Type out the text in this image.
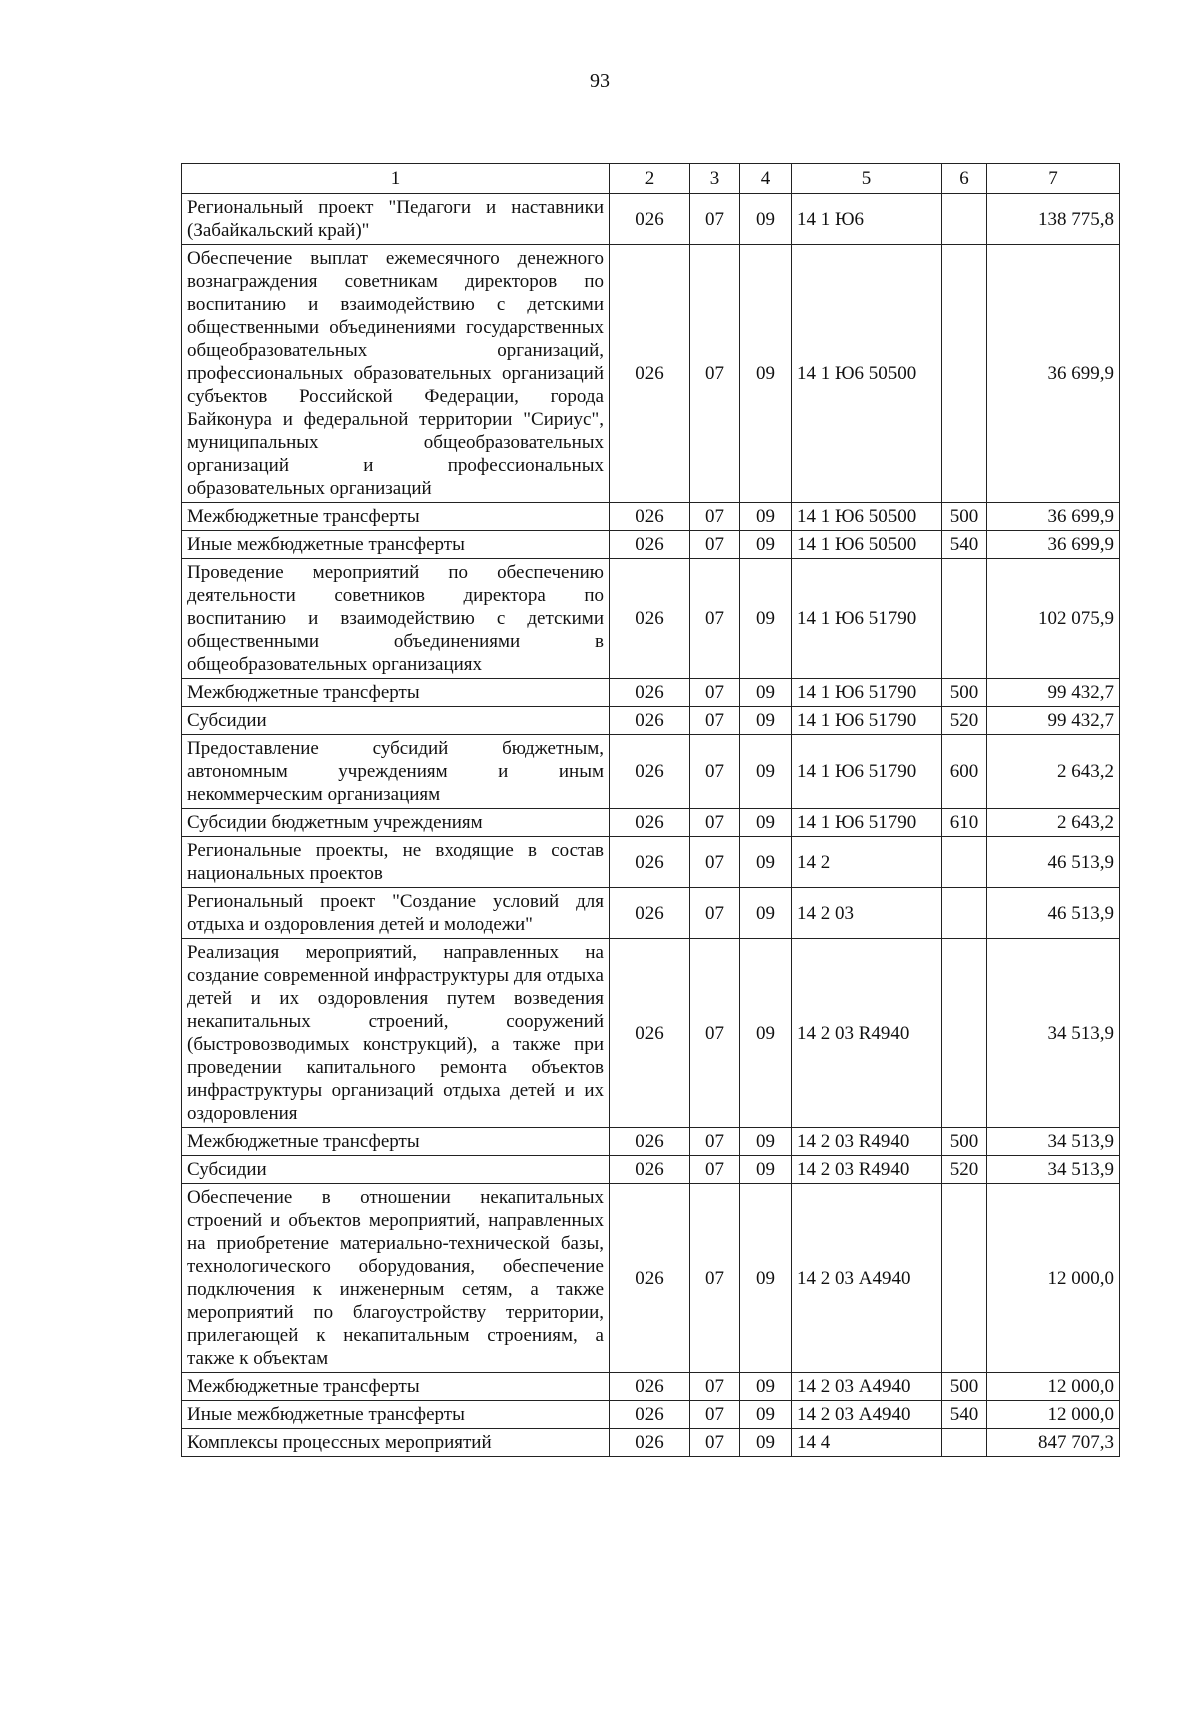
93
1	2	3	4	5	6	7
Региональный проект "Педагоги и наставники (Забайкальский край)"	026	07	09	14 1 Ю6		138 775,8
Обеспечение выплат ежемесячного денежного вознаграждения советникам директоров по воспитанию и взаимодействию с детскими общественными объединениями государственных общеобразовательных организаций, профессиональных образовательных организаций субъектов Российской Федерации, города Байконура и федеральной территории "Сириус", муниципальных общеобразовательных организаций и профессиональных образовательных организаций	026	07	09	14 1 Ю6 50500		36 699,9
Межбюджетные трансферты	026	07	09	14 1 Ю6 50500	500	36 699,9
Иные межбюджетные трансферты	026	07	09	14 1 Ю6 50500	540	36 699,9
Проведение мероприятий по обеспечению деятельности советников директора по воспитанию и взаимодействию с детскими общественными объединениями в общеобразовательных организациях	026	07	09	14 1 Ю6 51790		102 075,9
Межбюджетные трансферты	026	07	09	14 1 Ю6 51790	500	99 432,7
Субсидии	026	07	09	14 1 Ю6 51790	520	99 432,7
Предоставление субсидий бюджетным, автономным учреждениям и иным некоммерческим организациям	026	07	09	14 1 Ю6 51790	600	2 643,2
Субсидии бюджетным учреждениям	026	07	09	14 1 Ю6 51790	610	2 643,2
Региональные проекты, не входящие в состав национальных проектов	026	07	09	14 2		46 513,9
Региональный проект "Создание условий для отдыха и оздоровления детей и молодежи"	026	07	09	14 2 03		46 513,9
Реализация мероприятий, направленных на создание современной инфраструктуры для отдыха детей и их оздоровления путем возведения некапитальных строений, сооружений (быстровозводимых конструкций), а также при проведении капитального ремонта объектов инфраструктуры организаций отдыха детей и их оздоровления	026	07	09	14 2 03 R4940		34 513,9
Межбюджетные трансферты	026	07	09	14 2 03 R4940	500	34 513,9
Субсидии	026	07	09	14 2 03 R4940	520	34 513,9
Обеспечение в отношении некапитальных строений и объектов мероприятий, направленных на приобретение материально-технической базы, технологического оборудования, обеспечение подключения к инженерным сетям, а также мероприятий по благоустройству территории, прилегающей к некапитальным строениям, а также к объектам	026	07	09	14 2 03 А4940		12 000,0
Межбюджетные трансферты	026	07	09	14 2 03 А4940	500	12 000,0
Иные межбюджетные трансферты	026	07	09	14 2 03 А4940	540	12 000,0
Комплексы процессных мероприятий	026	07	09	14 4		847 707,3
